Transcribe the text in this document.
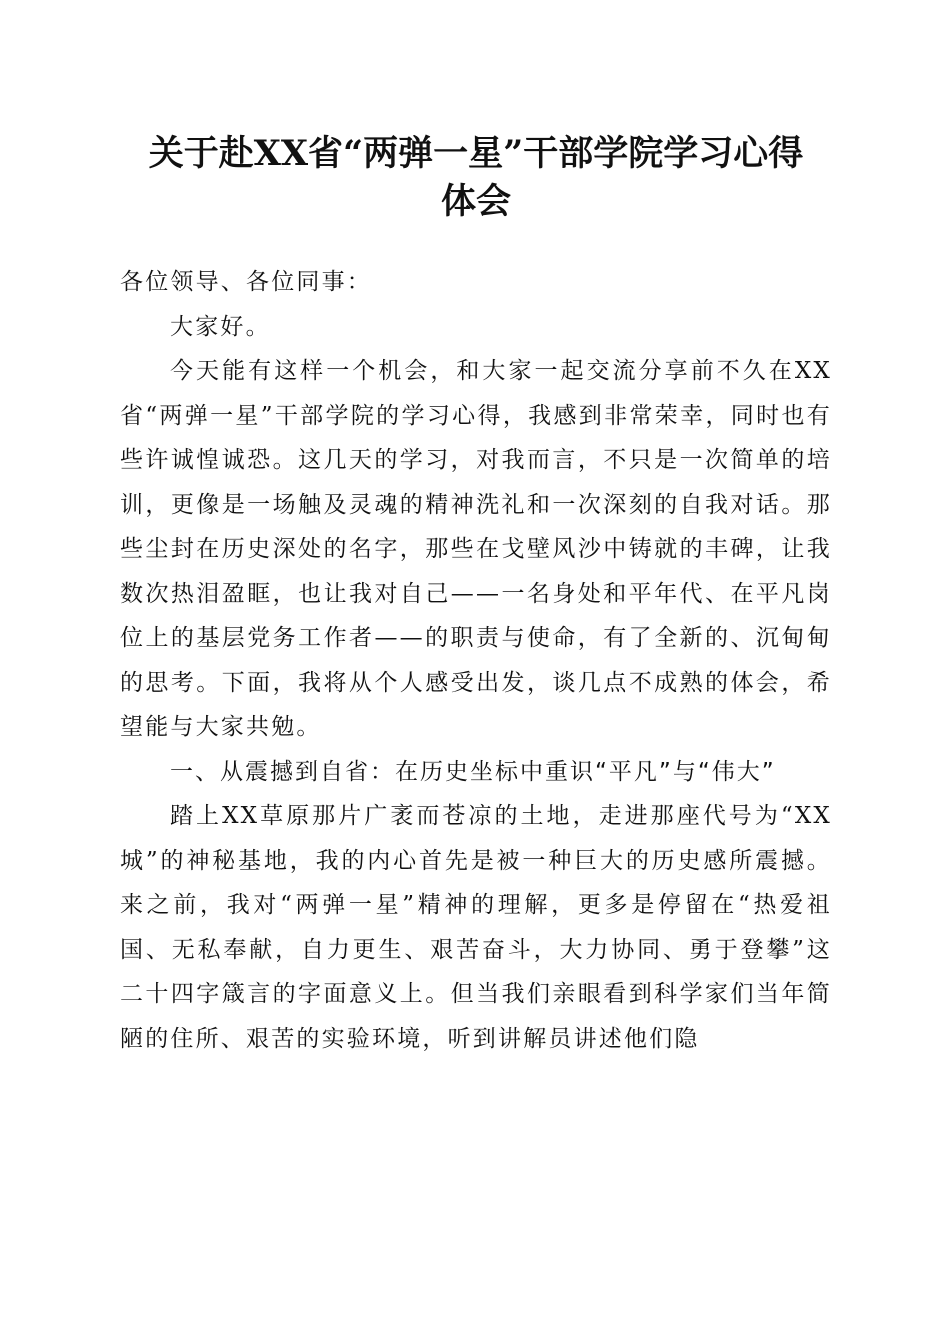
关于赴XX省“两弹一星”干部学院学习心得
体会

各位领导、各位同事：

大家好。

今天能有这样一个机会，和大家一起交流分享前不久在XX省“两弹一星”干部学院的学习心得，我感到非常荣幸，同时也有些许诚惶诚恐。这几天的学习，对我而言，不只是一次简单的培训，更像是一场触及灵魂的精神洗礼和一次深刻的自我对话。那些尘封在历史深处的名字，那些在戈壁风沙中铸就的丰碑，让我数次热泪盈眶，也让我对自己——一名身处和平年代、在平凡岗位上的基层党务工作者——的职责与使命，有了全新的、沉甸甸的思考。下面，我将从个人感受出发，谈几点不成熟的体会，希望能与大家共勉。

一、从震撼到自省：在历史坐标中重识“平凡”与“伟大”

踏上XX草原那片广袤而苍凉的土地，走进那座代号为“XX城”的神秘基地，我的内心首先是被一种巨大的历史感所震撼。来之前，我对“两弹一星”精神的理解，更多是停留在“热爱祖国、无私奉献，自力更生、艰苦奋斗，大力协同、勇于登攀”这二十四字箴言的字面意义上。但当我们亲眼看到科学家们当年简陋的住所、艰苦的实验环境，听到讲解员讲述他们隐
